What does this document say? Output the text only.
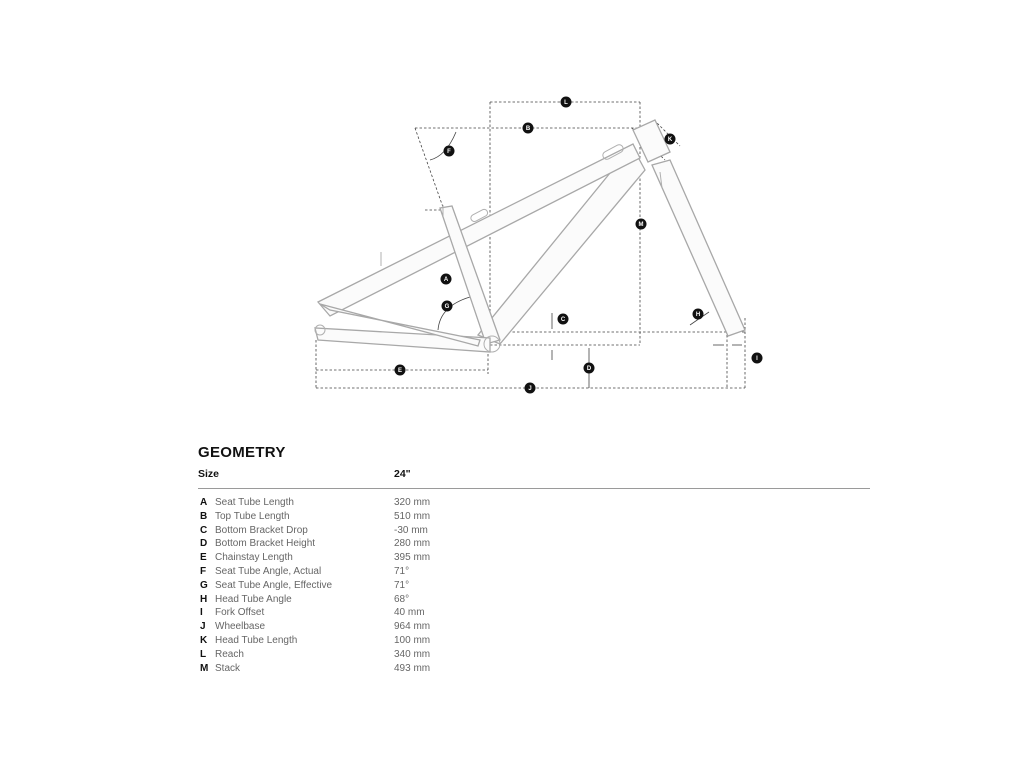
F
B
L
K
M
A
G
C
H
I
D
E
J
GEOMETRY
Size	24"
A Seat Tube Length	320 mm
B Top Tube Length	510 mm
C Bottom Bracket Drop	-30 mm
D Bottom Bracket Height	280 mm
E Chainstay Length	395 mm
F Seat Tube Angle, Actual	71°
G Seat Tube Angle, Effective	71°
H Head Tube Angle	68°
I Fork Offset	40 mm
J Wheelbase	964 mm
K Head Tube Length	100 mm
L Reach	340 mm
M Stack	493 mm
